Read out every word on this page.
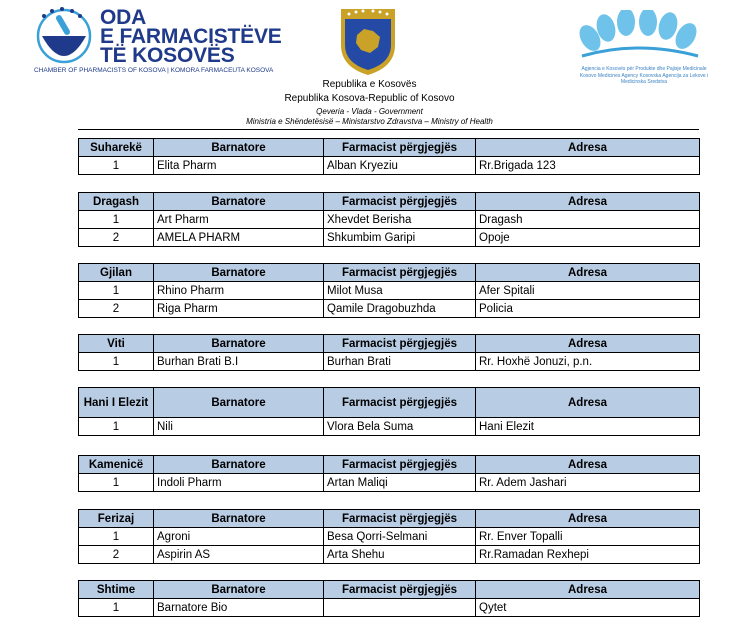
ODA
E FARMACISTËVE
TË KOSOVËS
CHAMBER OF PHARMACISTS OF KOSOVA | KOMORA FARMACEUTA KOSOVA	Agjencia e Kosovës për Produkte dhe Pajisje Medicinale Kosovo Medicines Agency Kosovska Agencija za Lekove i Medicinska Sredstva
Republika e Kosovës
Republika Kosova-Republic of Kosovo
Qeveria - Vlada - Government
Ministria e Shëndetësisë – Ministarstvo Zdravstva – Ministry of Health
Suharekë	Barnatore	Farmacist përgjegjës	Adresa
1	Elita Pharm	Alban Kryeziu	Rr.Brigada 123
Dragash	Barnatore	Farmacist përgjegjës	Adresa
1	Art Pharm	Xhevdet Berisha	Dragash
2	AMELA PHARM	Shkumbim Garipi	Opoje
Gjilan	Barnatore	Farmacist përgjegjës	Adresa
1	Rhino Pharm	Milot Musa	Afer Spitali
2	Riga Pharm	Qamile Dragobuzhda	Policia
Viti	Barnatore	Farmacist përgjegjës	Adresa
1	Burhan Brati B.I	Burhan Brati	Rr. Hoxhë Jonuzi, p.n.
Hani I Elezit	Barnatore	Farmacist përgjegjës	Adresa
1	Nili	Vlora Bela Suma	Hani Elezit
Kamenicë	Barnatore	Farmacist përgjegjës	Adresa
1	Indoli Pharm	Artan Maliqi	Rr. Adem Jashari
Ferizaj	Barnatore	Farmacist përgjegjës	Adresa
1	Agroni	Besa Qorri-Selmani	Rr. Enver Topalli
2	Aspirin AS	Arta Shehu	Rr.Ramadan Rexhepi
Shtime	Barnatore	Farmacist përgjegjës	Adresa
1	Barnatore Bio		Qytet
